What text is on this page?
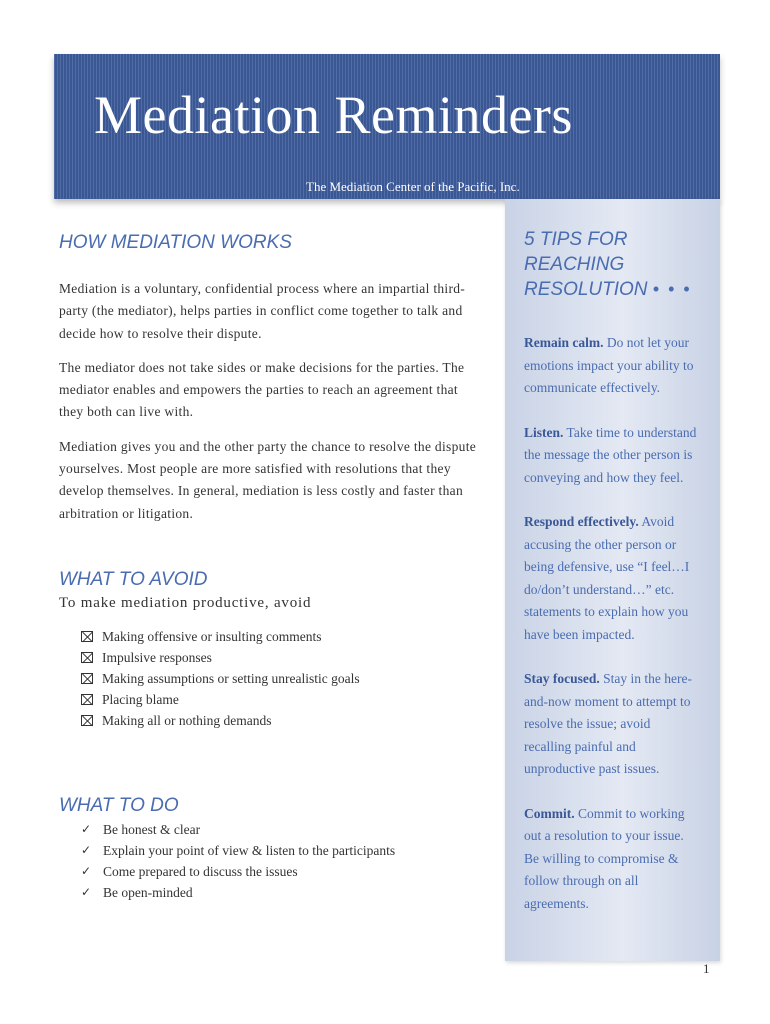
Mediation Reminders
The Mediation Center of the Pacific, Inc.
HOW MEDIATION WORKS

Mediation is a voluntary, confidential process where an impartial third-party (the mediator), helps parties in conflict come together to talk and decide how to resolve their dispute.

The mediator does not take sides or make decisions for the parties. The mediator enables and empowers the parties to reach an agreement that they both can live with.

Mediation gives you and the other party the chance to resolve the dispute yourselves. Most people are more satisfied with resolutions that they develop themselves. In general, mediation is less costly and faster than arbitration or litigation.

WHAT TO AVOID
To make mediation productive, avoid
Making offensive or insulting comments
Impulsive responses
Making assumptions or setting unrealistic goals
Placing blame
Making all or nothing demands
WHAT TO DO
✓ Be honest & clear
✓ Explain your point of view & listen to the participants
✓ Come prepared to discuss the issues
✓ Be open-minded
5 TIPS FOR REACHING RESOLUTION • • •

Remain calm. Do not let your emotions impact your ability to communicate effectively.

Listen. Take time to understand the message the other person is conveying and how they feel.

Respond effectively. Avoid accusing the other person or being defensive, use “I feel…I do/don’t understand…” etc. statements to explain how you have been impacted.

Stay focused. Stay in the here-and-now moment to attempt to resolve the issue; avoid recalling painful and unproductive past issues.

Commit. Commit to working out a resolution to your issue. Be willing to compromise & follow through on all agreements.

1
